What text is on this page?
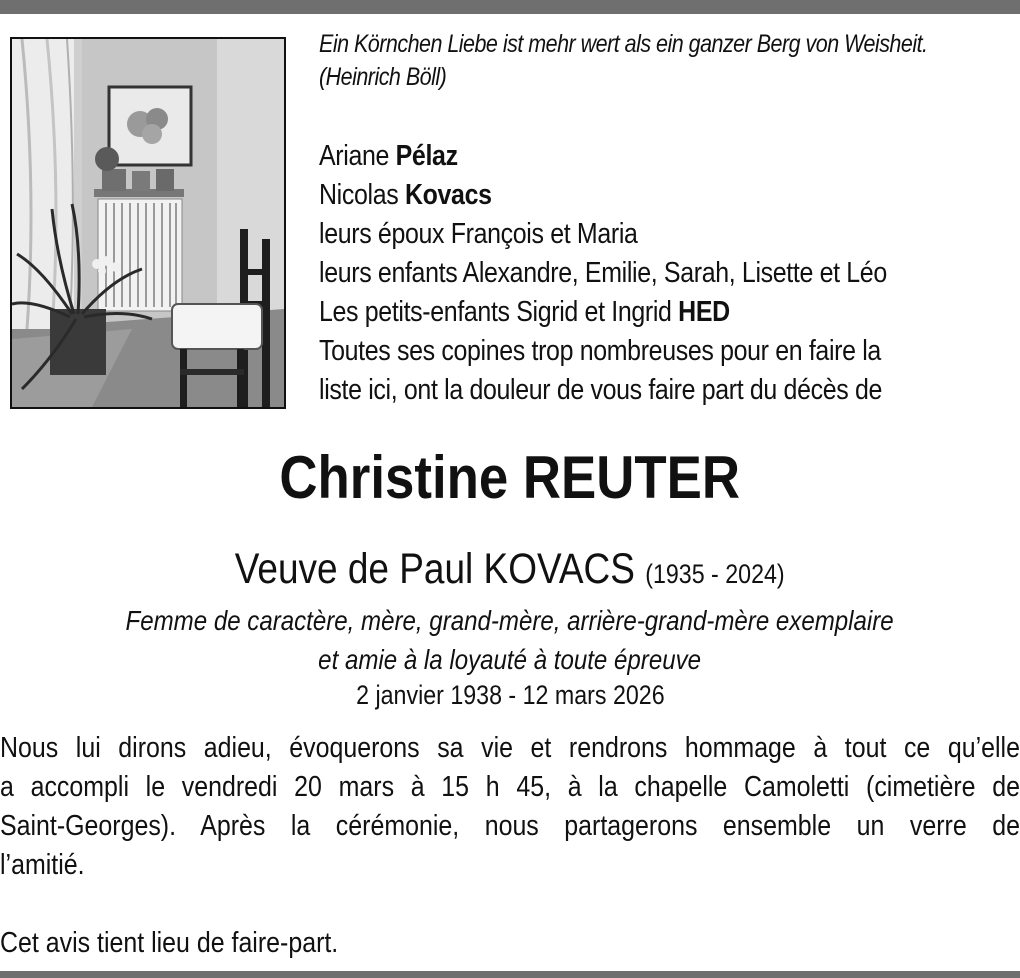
Ein Körnchen Liebe ist mehr wert als ein ganzer Berg von Weisheit.
(Heinrich Böll)
Ariane Pélaz
Nicolas Kovacs
leurs époux François et Maria
leurs enfants Alexandre, Emilie, Sarah, Lisette et Léo
Les petits-enfants Sigrid et Ingrid HED
Toutes ses copines trop nombreuses pour en faire la
liste ici, ont la douleur de vous faire part du décès de
Christine REUTER
Veuve de Paul KOVACS (1935 - 2024)
Femme de caractère, mère, grand-mère, arrière-grand-mère exemplaire
et amie à la loyauté à toute épreuve
2 janvier 1938 - 12 mars 2026
Nous lui dirons adieu, évoquerons sa vie et rendrons hommage à tout ce qu’elle
a accompli le vendredi 20 mars à 15 h 45, à la chapelle Camoletti (cimetière de
Saint-Georges). Après la cérémonie, nous partagerons ensemble un verre de
l’amitié.
Cet avis tient lieu de faire-part.
